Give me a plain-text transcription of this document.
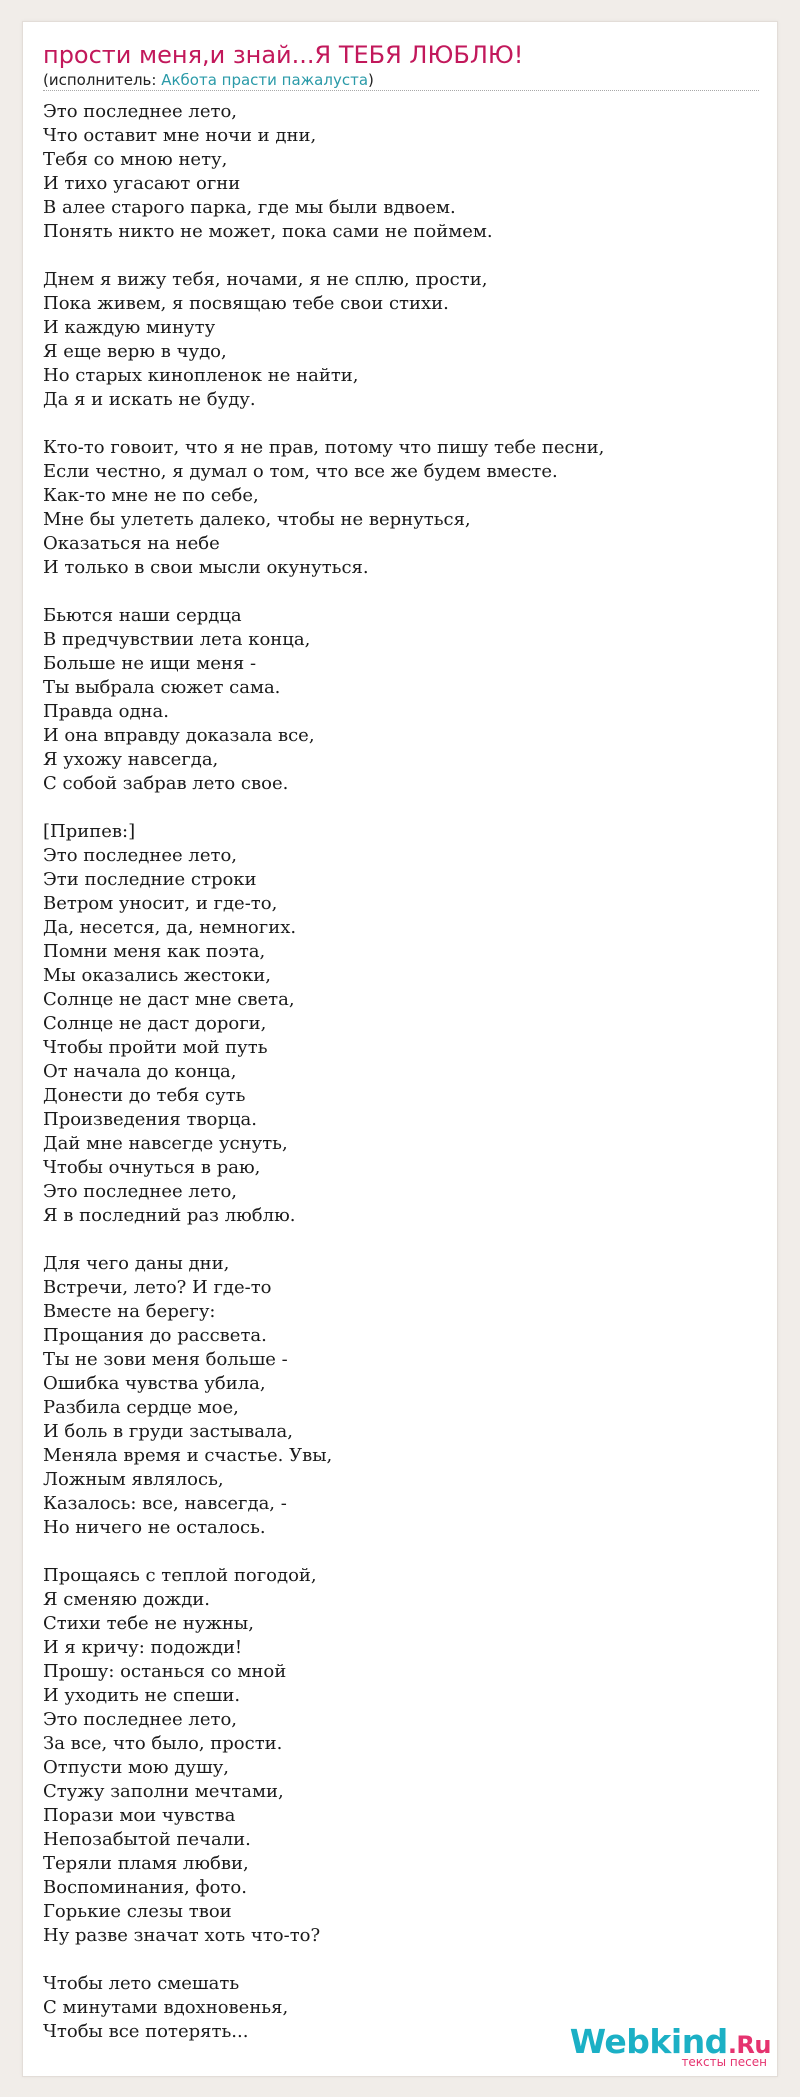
прости меня,и знай...Я ТЕБЯ ЛЮБЛЮ!
(исполнитель: Акбота прасти пажалуста)
Это последнее лето,
Что оставит мне ночи и дни,
Тебя со мною нету,
И тихо угасают огни
В алее старого парка, где мы были вдвоем.
Понять никто не может, пока сами не поймем.

Днем я вижу тебя, ночами, я не сплю, прости,
Пока живем, я посвящаю тебе свои стихи.
И каждую минуту
Я еще верю в чудо,
Но старых кинопленок не найти,
Да я и искать не буду.

Кто-то говоит, что я не прав, потому что пишу тебе песни,
Если честно, я думал о том, что все же будем вместе.
Как-то мне не по себе,
Мне бы улететь далеко, чтобы не вернуться,
Оказаться на небе
И только в свои мысли окунуться.

Бьются наши сердца
В предчувствии лета конца,
Больше не ищи меня -
Ты выбрала сюжет сама.
Правда одна.
И она вправду доказала все,
Я ухожу навсегда,
С собой забрав лето свое.

[Припев:]
Это последнее лето,
Эти последние строки
Ветром уносит, и где-то,
Да, несется, да, немногих.
Помни меня как поэта,
Мы оказались жестоки,
Солнце не даст мне света,
Солнце не даст дороги,
Чтобы пройти мой путь
От начала до конца,
Донести до тебя суть
Произведения творца.
Дай мне навсегде уснуть,
Чтобы очнуться в раю,
Это последнее лето,
Я в последний раз люблю.

Для чего даны дни,
Встречи, лето? И где-то
Вместе на берегу:
Прощания до рассвета.
Ты не зови меня больше -
Ошибка чувства убила,
Разбила сердце мое,
И боль в груди застывала,
Меняла время и счастье. Увы,
Ложным являлось,
Казалось: все, навсегда, -
Но ничего не осталось.

Прощаясь с теплой погодой,
Я сменяю дожди.
Стихи тебе не нужны,
И я кричу: подожди!
Прошу: останься со мной
И уходить не спеши.
Это последнее лето,
За все, что было, прости.
Отпусти мою душу,
Стужу заполни мечтами,
Порази мои чувства
Непозабытой печали.
Теряли пламя любви,
Воспоминания, фото.
Горькие слезы твои
Ну разве значат хоть что-то?

Чтобы лето смешать
С минутами вдохновенья,
Чтобы все потерять...	Webkind.Ru
тексты песен
